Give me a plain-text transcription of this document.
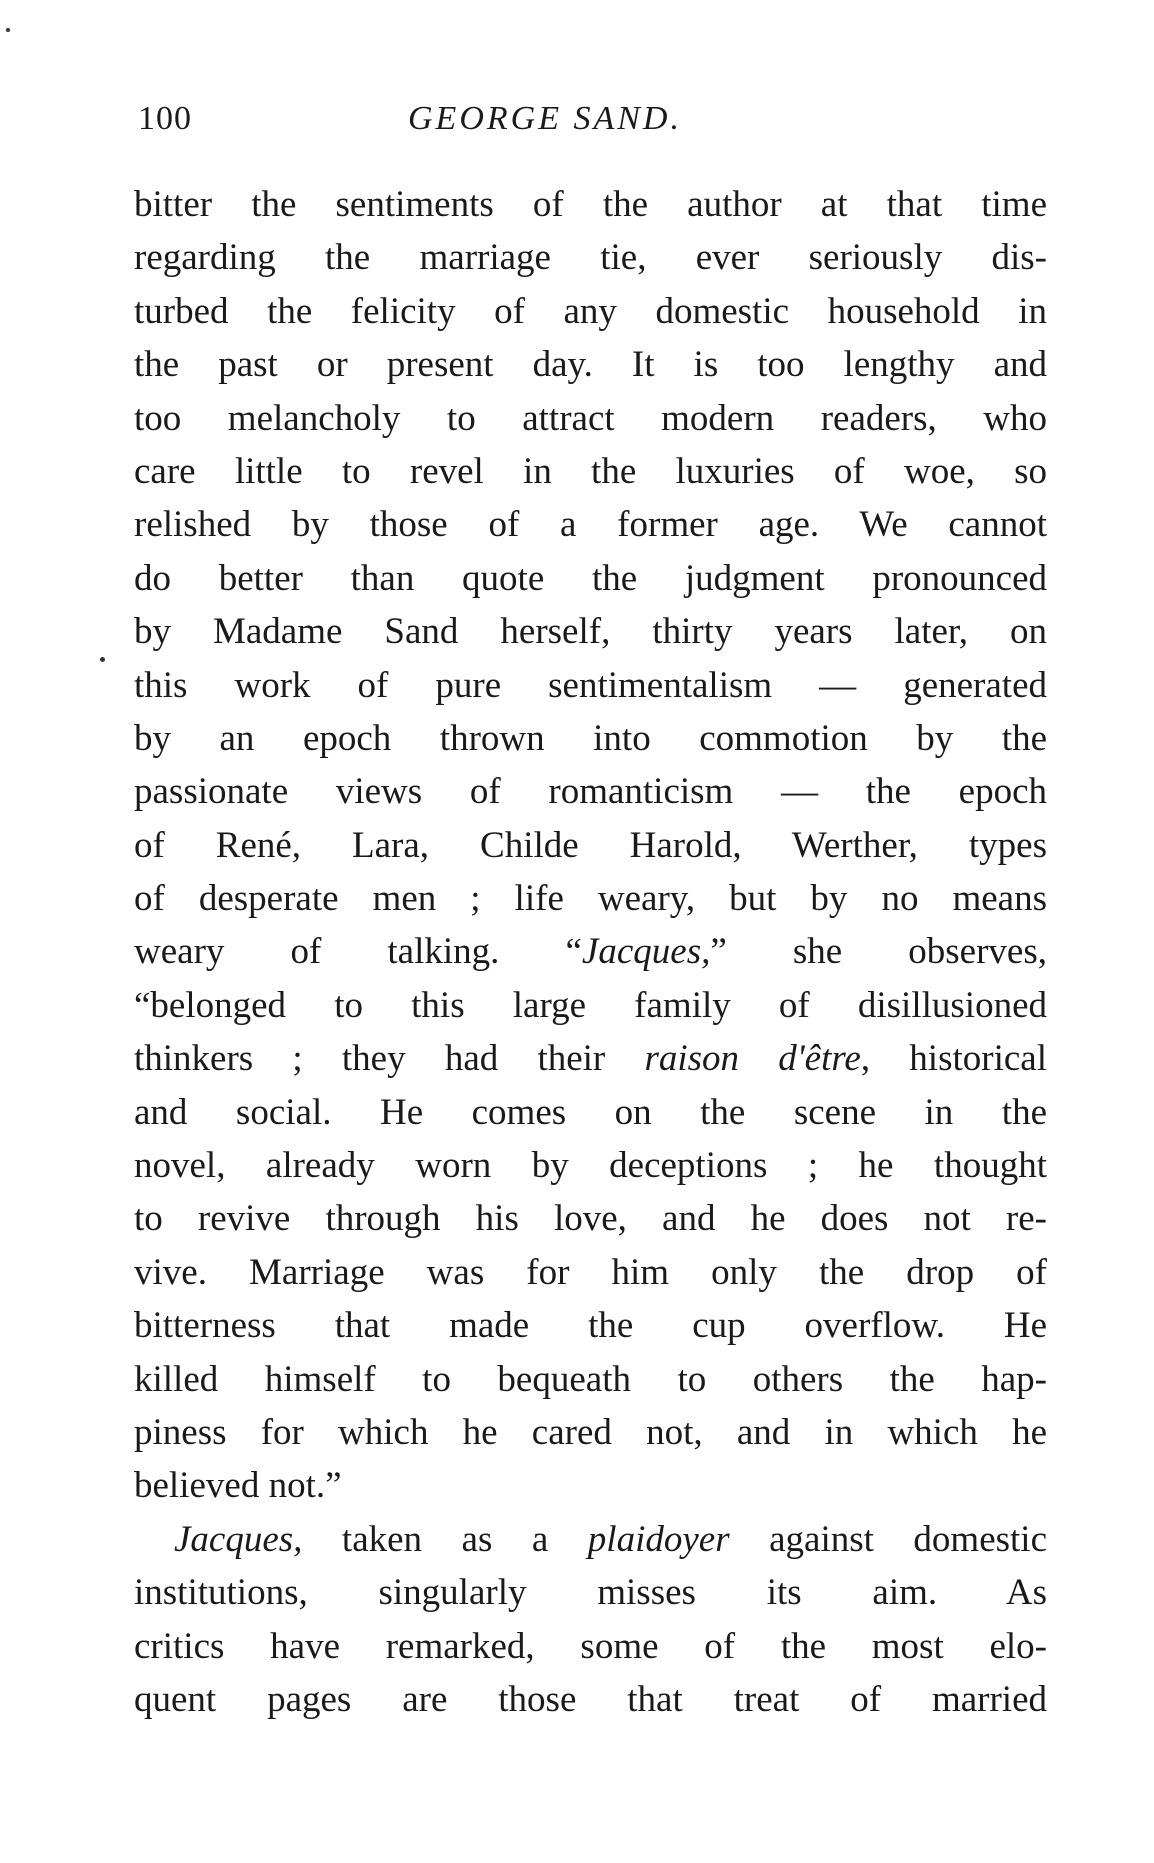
100	GEORGE SAND.
bitter the sentiments of the author at that time
regarding the marriage tie, ever seriously dis-
turbed the felicity of any domestic household in
the past or present day. It is too lengthy and
too melancholy to attract modern readers, who
care little to revel in the luxuries of woe, so
relished by those of a former age. We cannot
do better than quote the judgment pronounced
by Madame Sand herself, thirty years later, on
this work of pure sentimentalism — generated
by an epoch thrown into commotion by the
passionate views of romanticism — the epoch
of René, Lara, Childe Harold, Werther, types
of desperate men ; life weary, but by no means
weary of talking. “Jacques,” she observes,
“belonged to this large family of disillusioned
thinkers ; they had their raison d'être, historical
and social. He comes on the scene in the
novel, already worn by deceptions ; he thought
to revive through his love, and he does not re-
vive. Marriage was for him only the drop of
bitterness that made the cup overflow. He
killed himself to bequeath to others the hap-
piness for which he cared not, and in which he
believed not.”
Jacques, taken as a plaidoyer against domestic
institutions, singularly misses its aim. As
critics have remarked, some of the most elo-
quent pages are those that treat of married
